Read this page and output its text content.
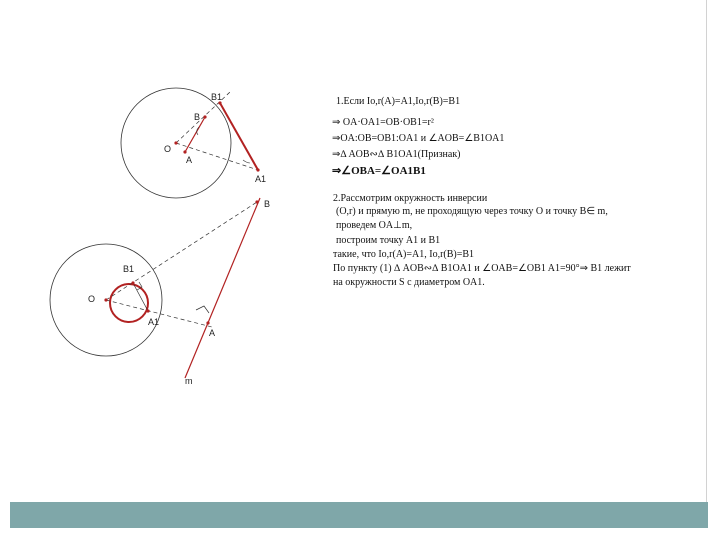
O
A
B
B1
A1
O
B1
A1
B
A
m
1.Если Io,r(A)=A1,Io,r(B)=B1
⇒ OA·OA1=OB·OB1=r²
⇒OA:OB=OB1:OA1 и ∠AOB=∠B1OA1
⇒∆ AOB∾∆ B1OA1(Признак)
⇒∠OBA=∠OA1B1
2.Рассмотрим окружность инверсии
(O,r) и прямую m, не проходящую через точку O и точку B∈ m,
проведем OA⊥m,
построим точку A1 и B1
такие, что Io,r(A)=A1, Io,r(B)=B1
По пункту (1) ∆ AOB∾∆ B1OA1 и ∠OAB=∠OB1 A1=90°⇒ B1 лежит
на окружности S с диаметром OA1.
